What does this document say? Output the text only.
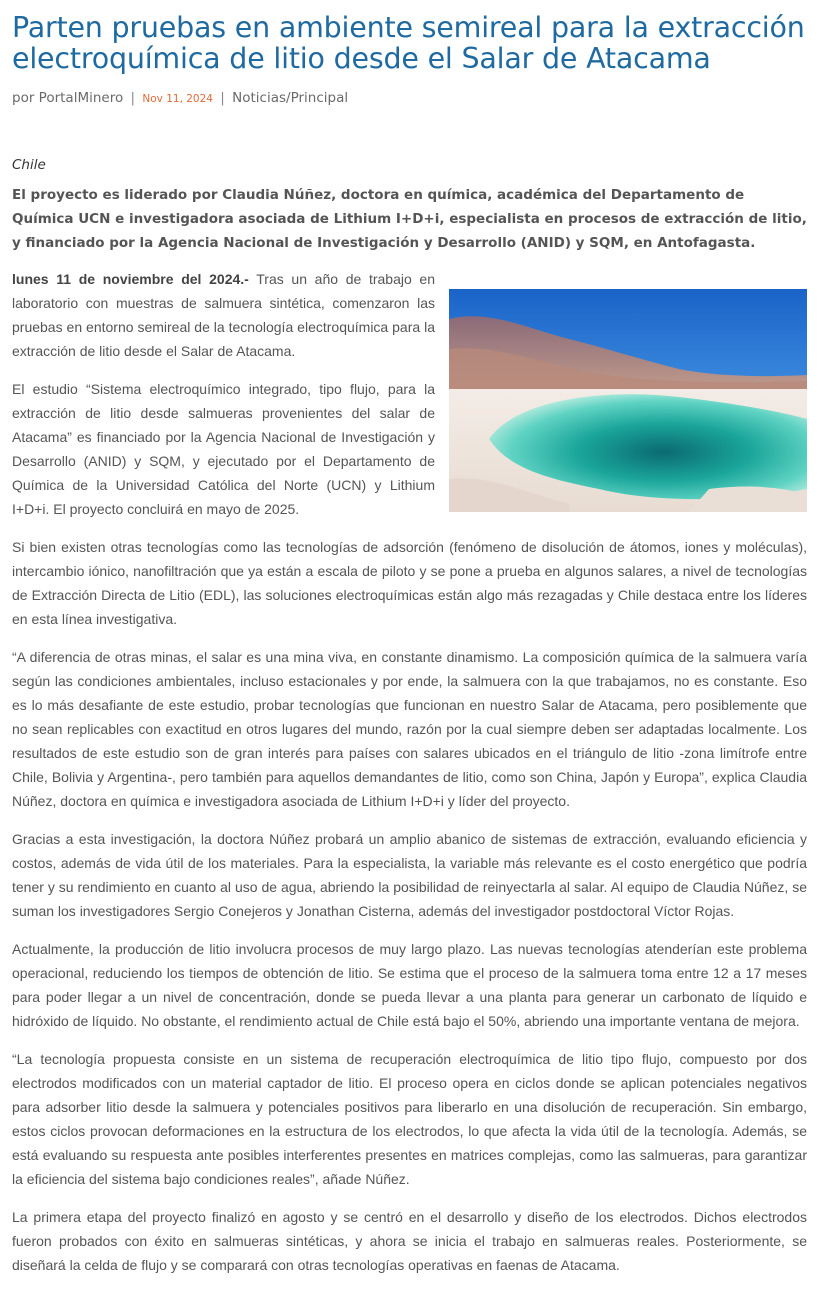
Parten pruebas en ambiente semireal para la extracción electroquímica de litio desde el Salar de Atacama
por PortalMinero | Nov 11, 2024 | Noticias/Principal
Chile
El proyecto es liderado por Claudia Núñez, doctora en química, académica del Departamento de Química UCN e investigadora asociada de Lithium I+D+i, especialista en procesos de extracción de litio, y financiado por la Agencia Nacional de Investigación y Desarrollo (ANID) y SQM, en Antofagasta.

lunes 11 de noviembre del 2024.- Tras un año de trabajo en laboratorio con muestras de salmuera sintética, comenzaron las pruebas en entorno semireal de la tecnología electroquímica para la extracción de litio desde el Salar de Atacama.

El estudio “Sistema electroquímico integrado, tipo flujo, para la extracción de litio desde salmueras provenientes del salar de Atacama” es financiado por la Agencia Nacional de Investigación y Desarrollo (ANID) y SQM, y ejecutado por el Departamento de Química de la Universidad Católica del Norte (UCN) y Lithium I+D+i. El proyecto concluirá en mayo de 2025.

Si bien existen otras tecnologías como las tecnologías de adsorción (fenómeno de disolución de átomos, iones y moléculas), intercambio iónico, nanofiltración que ya están a escala de piloto y se pone a prueba en algunos salares, a nivel de tecnologías de Extracción Directa de Litio (EDL), las soluciones electroquímicas están algo más rezagadas y Chile destaca entre los líderes en esta línea investigativa.

“A diferencia de otras minas, el salar es una mina viva, en constante dinamismo. La composición química de la salmuera varía según las condiciones ambientales, incluso estacionales y por ende, la salmuera con la que trabajamos, no es constante. Eso es lo más desafiante de este estudio, probar tecnologías que funcionan en nuestro Salar de Atacama, pero posiblemente que no sean replicables con exactitud en otros lugares del mundo, razón por la cual siempre deben ser adaptadas localmente. Los resultados de este estudio son de gran interés para países con salares ubicados en el triángulo de litio -zona limítrofe entre Chile, Bolivia y Argentina-, pero también para aquellos demandantes de litio, como son China, Japón y Europa”, explica Claudia Núñez, doctora en química e investigadora asociada de Lithium I+D+i y líder del proyecto.

Gracias a esta investigación, la doctora Núñez probará un amplio abanico de sistemas de extracción, evaluando eficiencia y costos, además de vida útil de los materiales. Para la especialista, la variable más relevante es el costo energético que podría tener y su rendimiento en cuanto al uso de agua, abriendo la posibilidad de reinyectarla al salar. Al equipo de Claudia Núñez, se suman los investigadores Sergio Conejeros y Jonathan Cisterna, además del investigador postdoctoral Víctor Rojas.

Actualmente, la producción de litio involucra procesos de muy largo plazo. Las nuevas tecnologías atenderían este problema operacional, reduciendo los tiempos de obtención de litio. Se estima que el proceso de la salmuera toma entre 12 a 17 meses para poder llegar a un nivel de concentración, donde se pueda llevar a una planta para generar un carbonato de líquido e hidróxido de líquido. No obstante, el rendimiento actual de Chile está bajo el 50%, abriendo una importante ventana de mejora.

“La tecnología propuesta consiste en un sistema de recuperación electroquímica de litio tipo flujo, compuesto por dos electrodos modificados con un material captador de litio. El proceso opera en ciclos donde se aplican potenciales negativos para adsorber litio desde la salmuera y potenciales positivos para liberarlo en una disolución de recuperación. Sin embargo, estos ciclos provocan deformaciones en la estructura de los electrodos, lo que afecta la vida útil de la tecnología. Además, se está evaluando su respuesta ante posibles interferentes presentes en matrices complejas, como las salmueras, para garantizar la eficiencia del sistema bajo condiciones reales”, añade Núñez.

La primera etapa del proyecto finalizó en agosto y se centró en el desarrollo y diseño de los electrodos. Dichos electrodos fueron probados con éxito en salmueras sintéticas, y ahora se inicia el trabajo en salmueras reales. Posteriormente, se diseñará la celda de flujo y se comparará con otras tecnologías operativas en faenas de Atacama.
